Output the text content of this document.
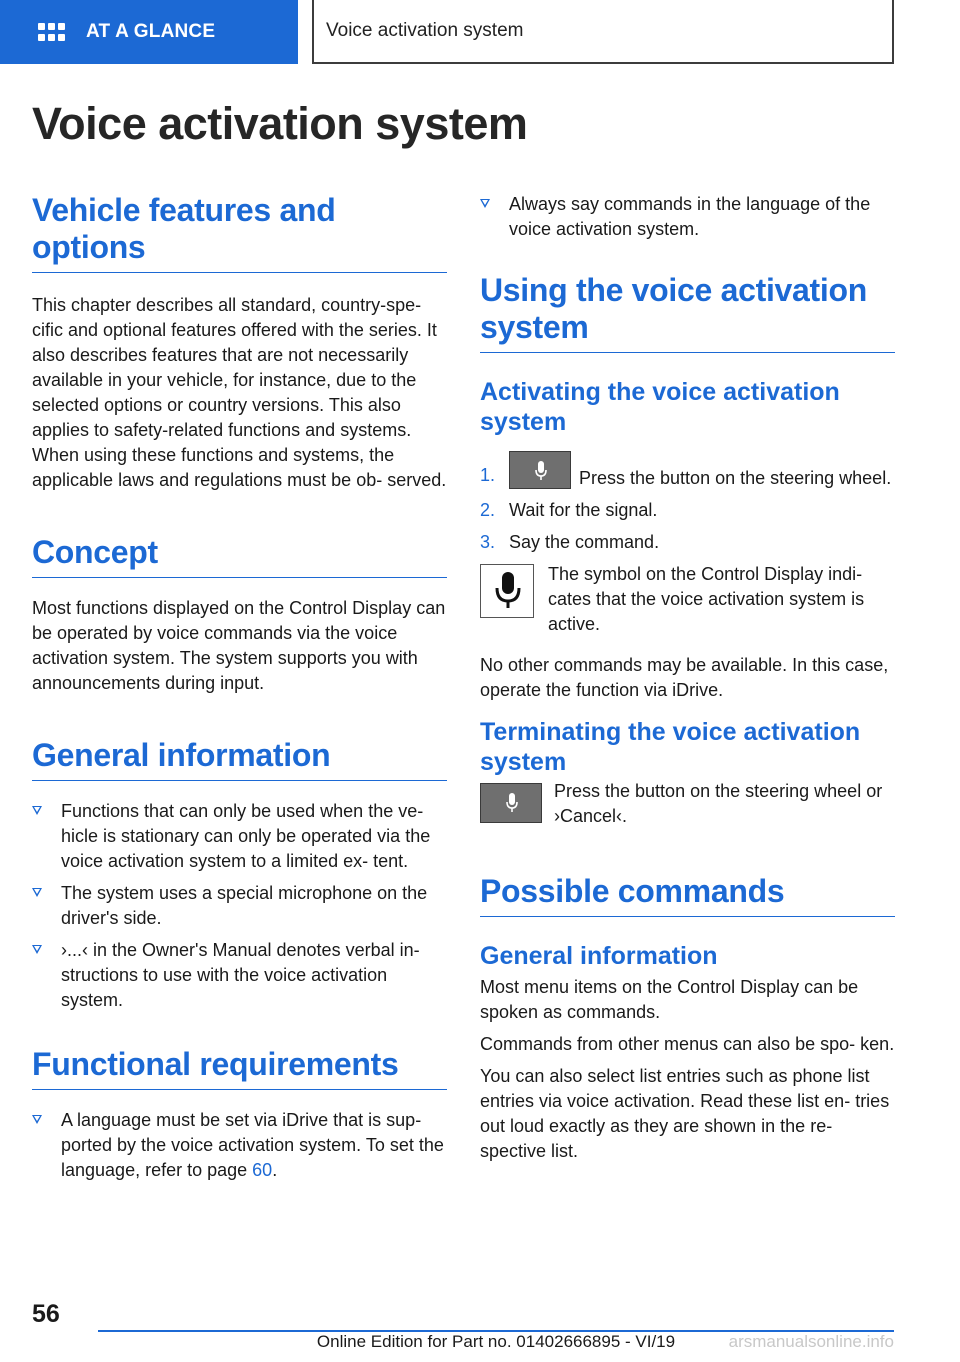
AT A GLANCE	Voice activation system
Voice activation system
Vehicle features and options

This chapter describes all standard, country-spe- cific and optional features offered with the series. It also describes features that are not necessarily available in your vehicle, for instance, due to the selected options or country versions. This also applies to safety-related functions and systems. When using these functions and systems, the applicable laws and regulations must be ob- served.

Concept

Most functions displayed on the Control Display can be operated by voice commands via the voice activation system. The system supports you with announcements during input.

General information
Functions that can only be used when the ve- hicle is stationary can only be operated via the voice activation system to a limited ex- tent.
The system uses a special microphone on the driver's side.
›...‹ in the Owner's Manual denotes verbal in- structions to use with the voice activation system.
Functional requirements
A language must be set via iDrive that is sup- ported by the voice activation system. To set the language, refer to page 60.
Always say commands in the language of the voice activation system.
Using the voice activation system
Activating the voice activation system
1.	Press the button on the steering wheel.
2. Wait for the signal.
3. Say the command.

The symbol on the Control Display indi- cates that the voice activation system is active.

No other commands may be available. In this case, operate the function via iDrive.

Terminating the voice activation system

Press the button on the steering wheel or ›Cancel‹.

Possible commands
General information

Most menu items on the Control Display can be spoken as commands.

Commands from other menus can also be spo- ken.

You can also select list entries such as phone list entries via voice activation. Read these list en- tries out loud exactly as they are shown in the re- spective list.

56
Online Edition for Part no. 01402666895 - VI/19	arsmanualsonline.info
